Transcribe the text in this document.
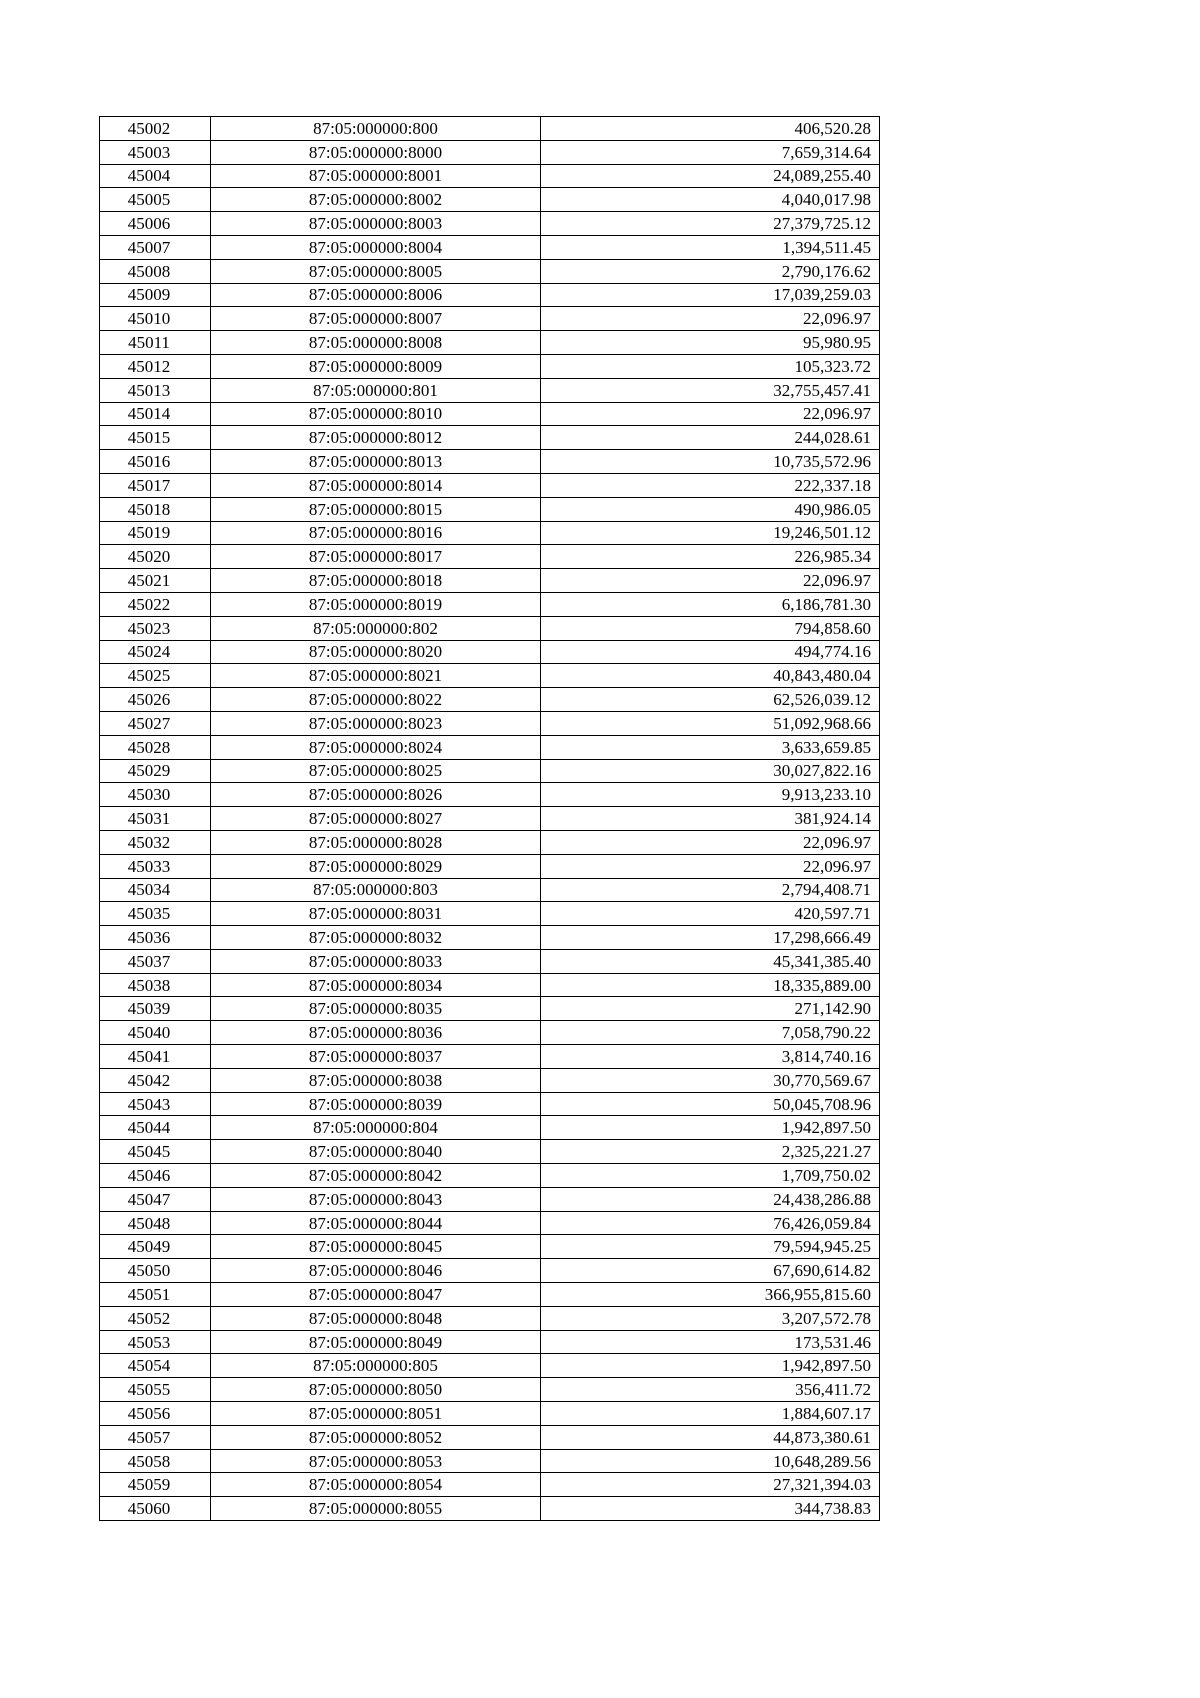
45002	87:05:000000:800	406,520.28
45003	87:05:000000:8000	7,659,314.64
45004	87:05:000000:8001	24,089,255.40
45005	87:05:000000:8002	4,040,017.98
45006	87:05:000000:8003	27,379,725.12
45007	87:05:000000:8004	1,394,511.45
45008	87:05:000000:8005	2,790,176.62
45009	87:05:000000:8006	17,039,259.03
45010	87:05:000000:8007	22,096.97
45011	87:05:000000:8008	95,980.95
45012	87:05:000000:8009	105,323.72
45013	87:05:000000:801	32,755,457.41
45014	87:05:000000:8010	22,096.97
45015	87:05:000000:8012	244,028.61
45016	87:05:000000:8013	10,735,572.96
45017	87:05:000000:8014	222,337.18
45018	87:05:000000:8015	490,986.05
45019	87:05:000000:8016	19,246,501.12
45020	87:05:000000:8017	226,985.34
45021	87:05:000000:8018	22,096.97
45022	87:05:000000:8019	6,186,781.30
45023	87:05:000000:802	794,858.60
45024	87:05:000000:8020	494,774.16
45025	87:05:000000:8021	40,843,480.04
45026	87:05:000000:8022	62,526,039.12
45027	87:05:000000:8023	51,092,968.66
45028	87:05:000000:8024	3,633,659.85
45029	87:05:000000:8025	30,027,822.16
45030	87:05:000000:8026	9,913,233.10
45031	87:05:000000:8027	381,924.14
45032	87:05:000000:8028	22,096.97
45033	87:05:000000:8029	22,096.97
45034	87:05:000000:803	2,794,408.71
45035	87:05:000000:8031	420,597.71
45036	87:05:000000:8032	17,298,666.49
45037	87:05:000000:8033	45,341,385.40
45038	87:05:000000:8034	18,335,889.00
45039	87:05:000000:8035	271,142.90
45040	87:05:000000:8036	7,058,790.22
45041	87:05:000000:8037	3,814,740.16
45042	87:05:000000:8038	30,770,569.67
45043	87:05:000000:8039	50,045,708.96
45044	87:05:000000:804	1,942,897.50
45045	87:05:000000:8040	2,325,221.27
45046	87:05:000000:8042	1,709,750.02
45047	87:05:000000:8043	24,438,286.88
45048	87:05:000000:8044	76,426,059.84
45049	87:05:000000:8045	79,594,945.25
45050	87:05:000000:8046	67,690,614.82
45051	87:05:000000:8047	366,955,815.60
45052	87:05:000000:8048	3,207,572.78
45053	87:05:000000:8049	173,531.46
45054	87:05:000000:805	1,942,897.50
45055	87:05:000000:8050	356,411.72
45056	87:05:000000:8051	1,884,607.17
45057	87:05:000000:8052	44,873,380.61
45058	87:05:000000:8053	10,648,289.56
45059	87:05:000000:8054	27,321,394.03
45060	87:05:000000:8055	344,738.83
